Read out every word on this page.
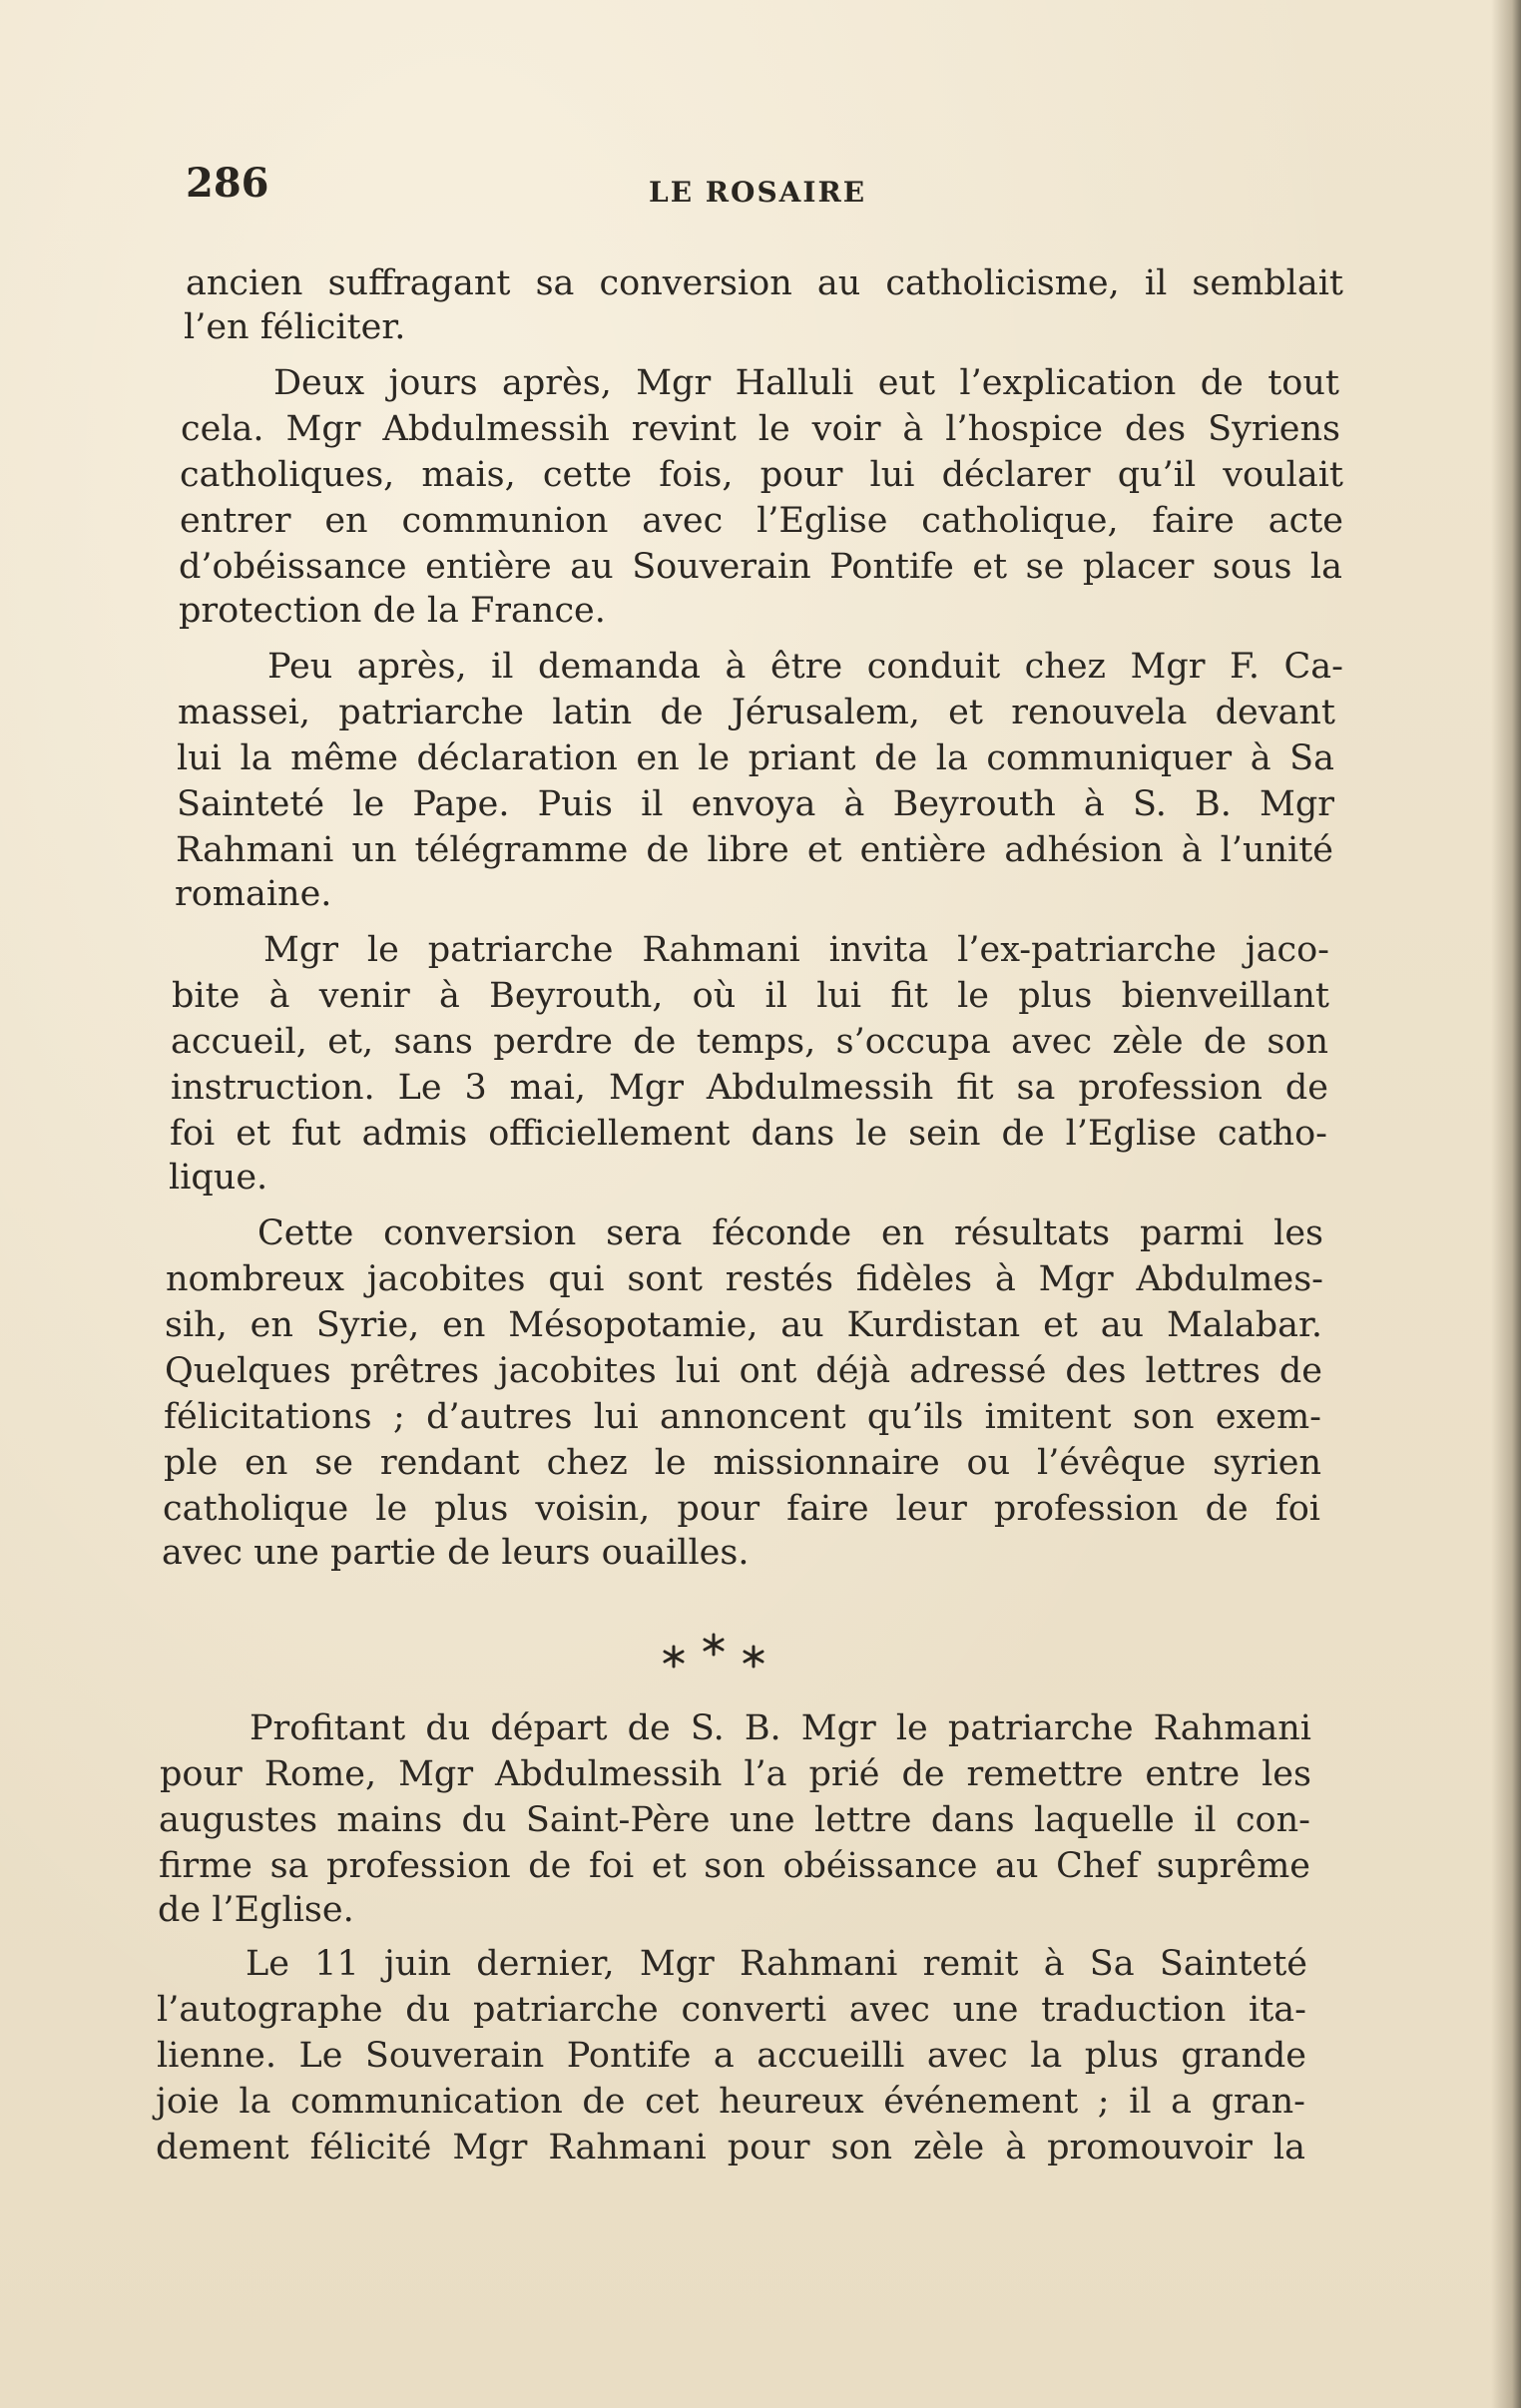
286	LE ROSAIRE
ancien suffragant sa conversion au catholicisme, il semblait
l’en féliciter.
Deux jours après, Mgr Halluli eut l’explication de tout
cela. Mgr Abdulmessih revint le voir à l’hospice des Syriens
catholiques, mais, cette fois, pour lui déclarer qu’il voulait
entrer en communion avec l’Eglise catholique, faire acte
d’obéissance entière au Souverain Pontife et se placer sous la
protection de la France.
Peu après, il demanda à être conduit chez Mgr F. Ca-
massei, patriarche latin de Jérusalem, et renouvela devant
lui la même déclaration en le priant de la communiquer à Sa
Sainteté le Pape. Puis il envoya à Beyrouth à S. B. Mgr
Rahmani un télégramme de libre et entière adhésion à l’unité
romaine.
Mgr le patriarche Rahmani invita l’ex-patriarche jaco-
bite à venir à Beyrouth, où il lui fit le plus bienveillant
accueil, et, sans perdre de temps, s’occupa avec zèle de son
instruction. Le 3 mai, Mgr Abdulmessih fit sa profession de
foi et fut admis officiellement dans le sein de l’Eglise catho-
lique.
Cette conversion sera féconde en résultats parmi les
nombreux jacobites qui sont restés fidèles à Mgr Abdulmes-
sih, en Syrie, en Mésopotamie, au Kurdistan et au Malabar.
Quelques prêtres jacobites lui ont déjà adressé des lettres de
félicitations ; d’autres lui annoncent qu’ils imitent son exem-
ple en se rendant chez le missionnaire ou l’évêque syrien
catholique le plus voisin, pour faire leur profession de foi
avec une partie de leurs ouailles.
Profitant du départ de S. B. Mgr le patriarche Rahmani
pour Rome, Mgr Abdulmessih l’a prié de remettre entre les
augustes mains du Saint-Père une lettre dans laquelle il con-
firme sa profession de foi et son obéissance au Chef suprême
de l’Eglise.
Le 11 juin dernier, Mgr Rahmani remit à Sa Sainteté
l’autographe du patriarche converti avec une traduction ita-
lienne. Le Souverain Pontife a accueilli avec la plus grande
joie la communication de cet heureux événement ; il a gran-
dement félicité Mgr Rahmani pour son zèle à promouvoir la
